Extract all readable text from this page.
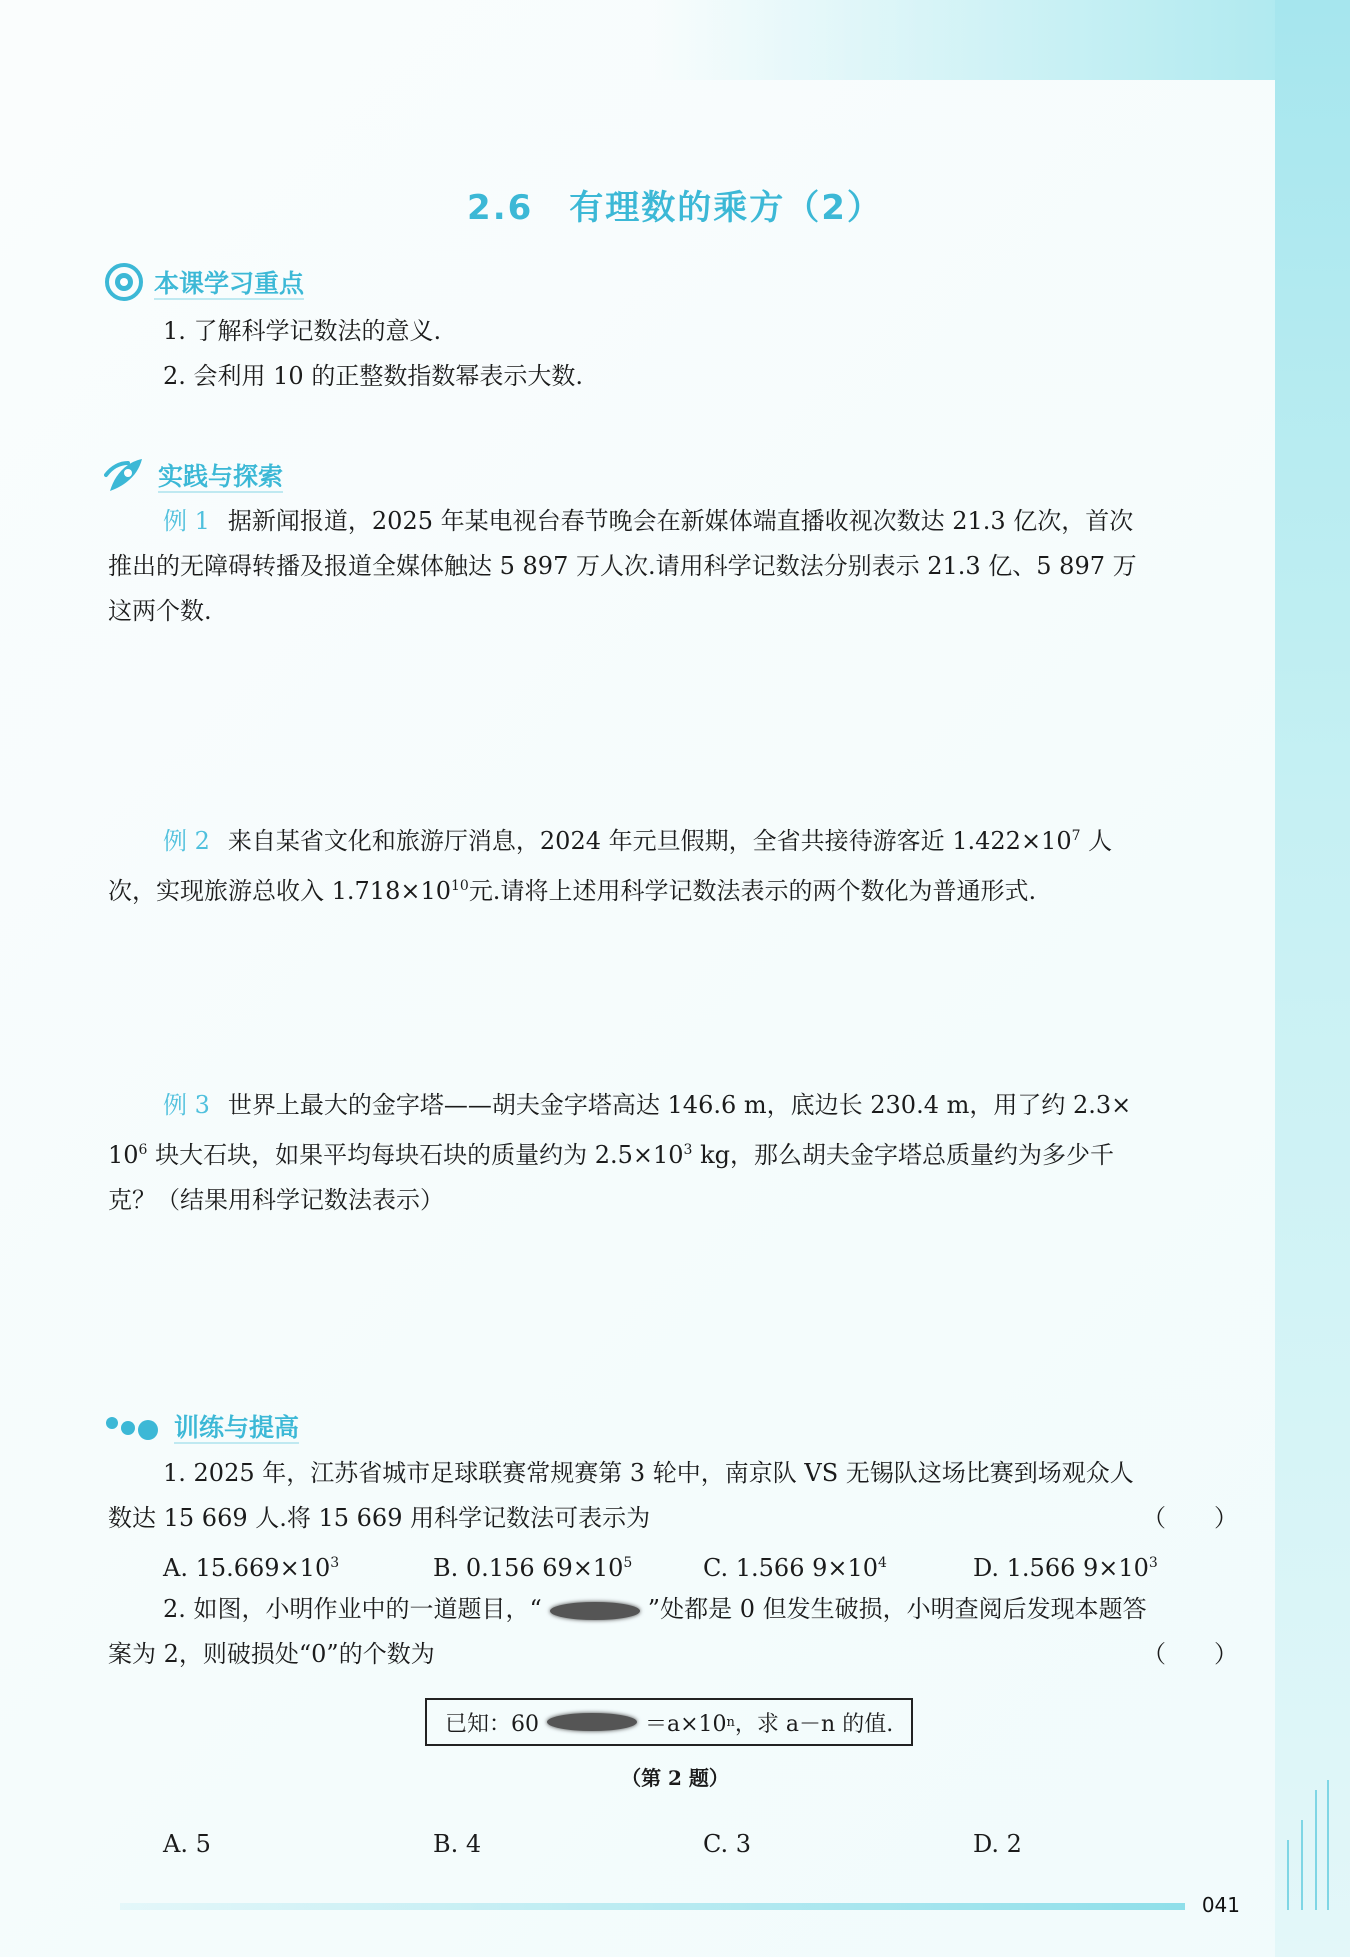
2.6　有理数的乘方（2）
本课学习重点
1. 了解科学记数法的意义.
2. 会利用 10 的正整数指数幂表示大数.
实践与探索
例 1 据新闻报道，2025 年某电视台春节晚会在新媒体端直播收视次数达 21.3 亿次，首次
推出的无障碍转播及报道全媒体触达 5 897 万人次.请用科学记数法分别表示 21.3 亿、5 897 万
这两个数.
例 2 来自某省文化和旅游厅消息，2024 年元旦假期，全省共接待游客近 $1.422\times 10^7$ 人
次，实现旅游总收入 $1.718\times 10^{10}$元.请将上述用科学记数法表示的两个数化为普通形式.
例 3 世界上最大的金字塔——胡夫金字塔高达 146.6 m，底边长 230.4 m，用了约 2.3×
$10^6$ 块大石块，如果平均每块石块的质量约为 $2.5\times 10^3$ kg，那么胡夫金字塔总质量约为多少千
克？（结果用科学记数法表示）
训练与提高
1. 2025 年，江苏省城市足球联赛常规赛第 3 轮中，南京队 VS 无锡队这场比赛到场观众人
数达 15 669 人.将 15 669 用科学记数法可表示为	（　　）
A. $15.669\times 10^3$	B. 0.156 $69\times 10^5$	C. 1.566 $9\times 10^4$	D. 1.566 $9\times 10^3$
2. 如图，小明作业中的一道题目，“	”处都是 0 但发生破损，小明查阅后发现本题答
案为 2，则破损处“0”的个数为	（　　）
已知：60	＝a×10 n ，求 a－n 的值.
（第 2 题）
A. 5	B. 4	C. 3	D. 2
041
